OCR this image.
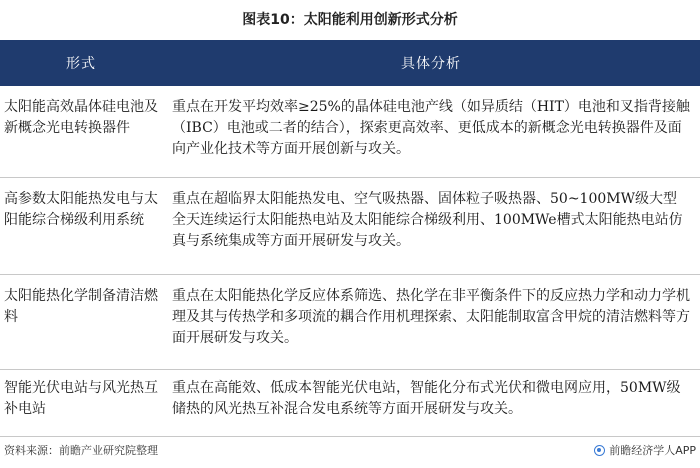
图表10：太阳能利用创新形式分析
形式	具体分析
太阳能高效晶体硅电池及新概念光电转换器件	重点在开发平均效率≥25%的晶体硅电池产线（如异质结（HIT）电池和叉指背接触（IBC）电池或二者的结合），探索更高效率、更低成本的新概念光电转换器件及面向产业化技术等方面开展创新与攻关。
高参数太阳能热发电与太阳能综合梯级利用系统	重点在超临界太阳能热发电、空气吸热器、固体粒子吸热器、50~100MW级大型全天连续运行太阳能热电站及太阳能综合梯级利用、100MWe槽式太阳能热电站仿真与系统集成等方面开展研发与攻关。
太阳能热化学制备清洁燃料	重点在太阳能热化学反应体系筛选、热化学在非平衡条件下的反应热力学和动力学机理及其与传热学和多项流的耦合作用机理探索、太阳能制取富含甲烷的清洁燃料等方面开展研发与攻关。
智能光伏电站与风光热互补电站	重点在高能效、低成本智能光伏电站，智能化分布式光伏和微电网应用，50MW级储热的风光热互补混合发电系统等方面开展研发与攻关。
资料来源：前瞻产业研究院整理	前瞻经济学人APP
